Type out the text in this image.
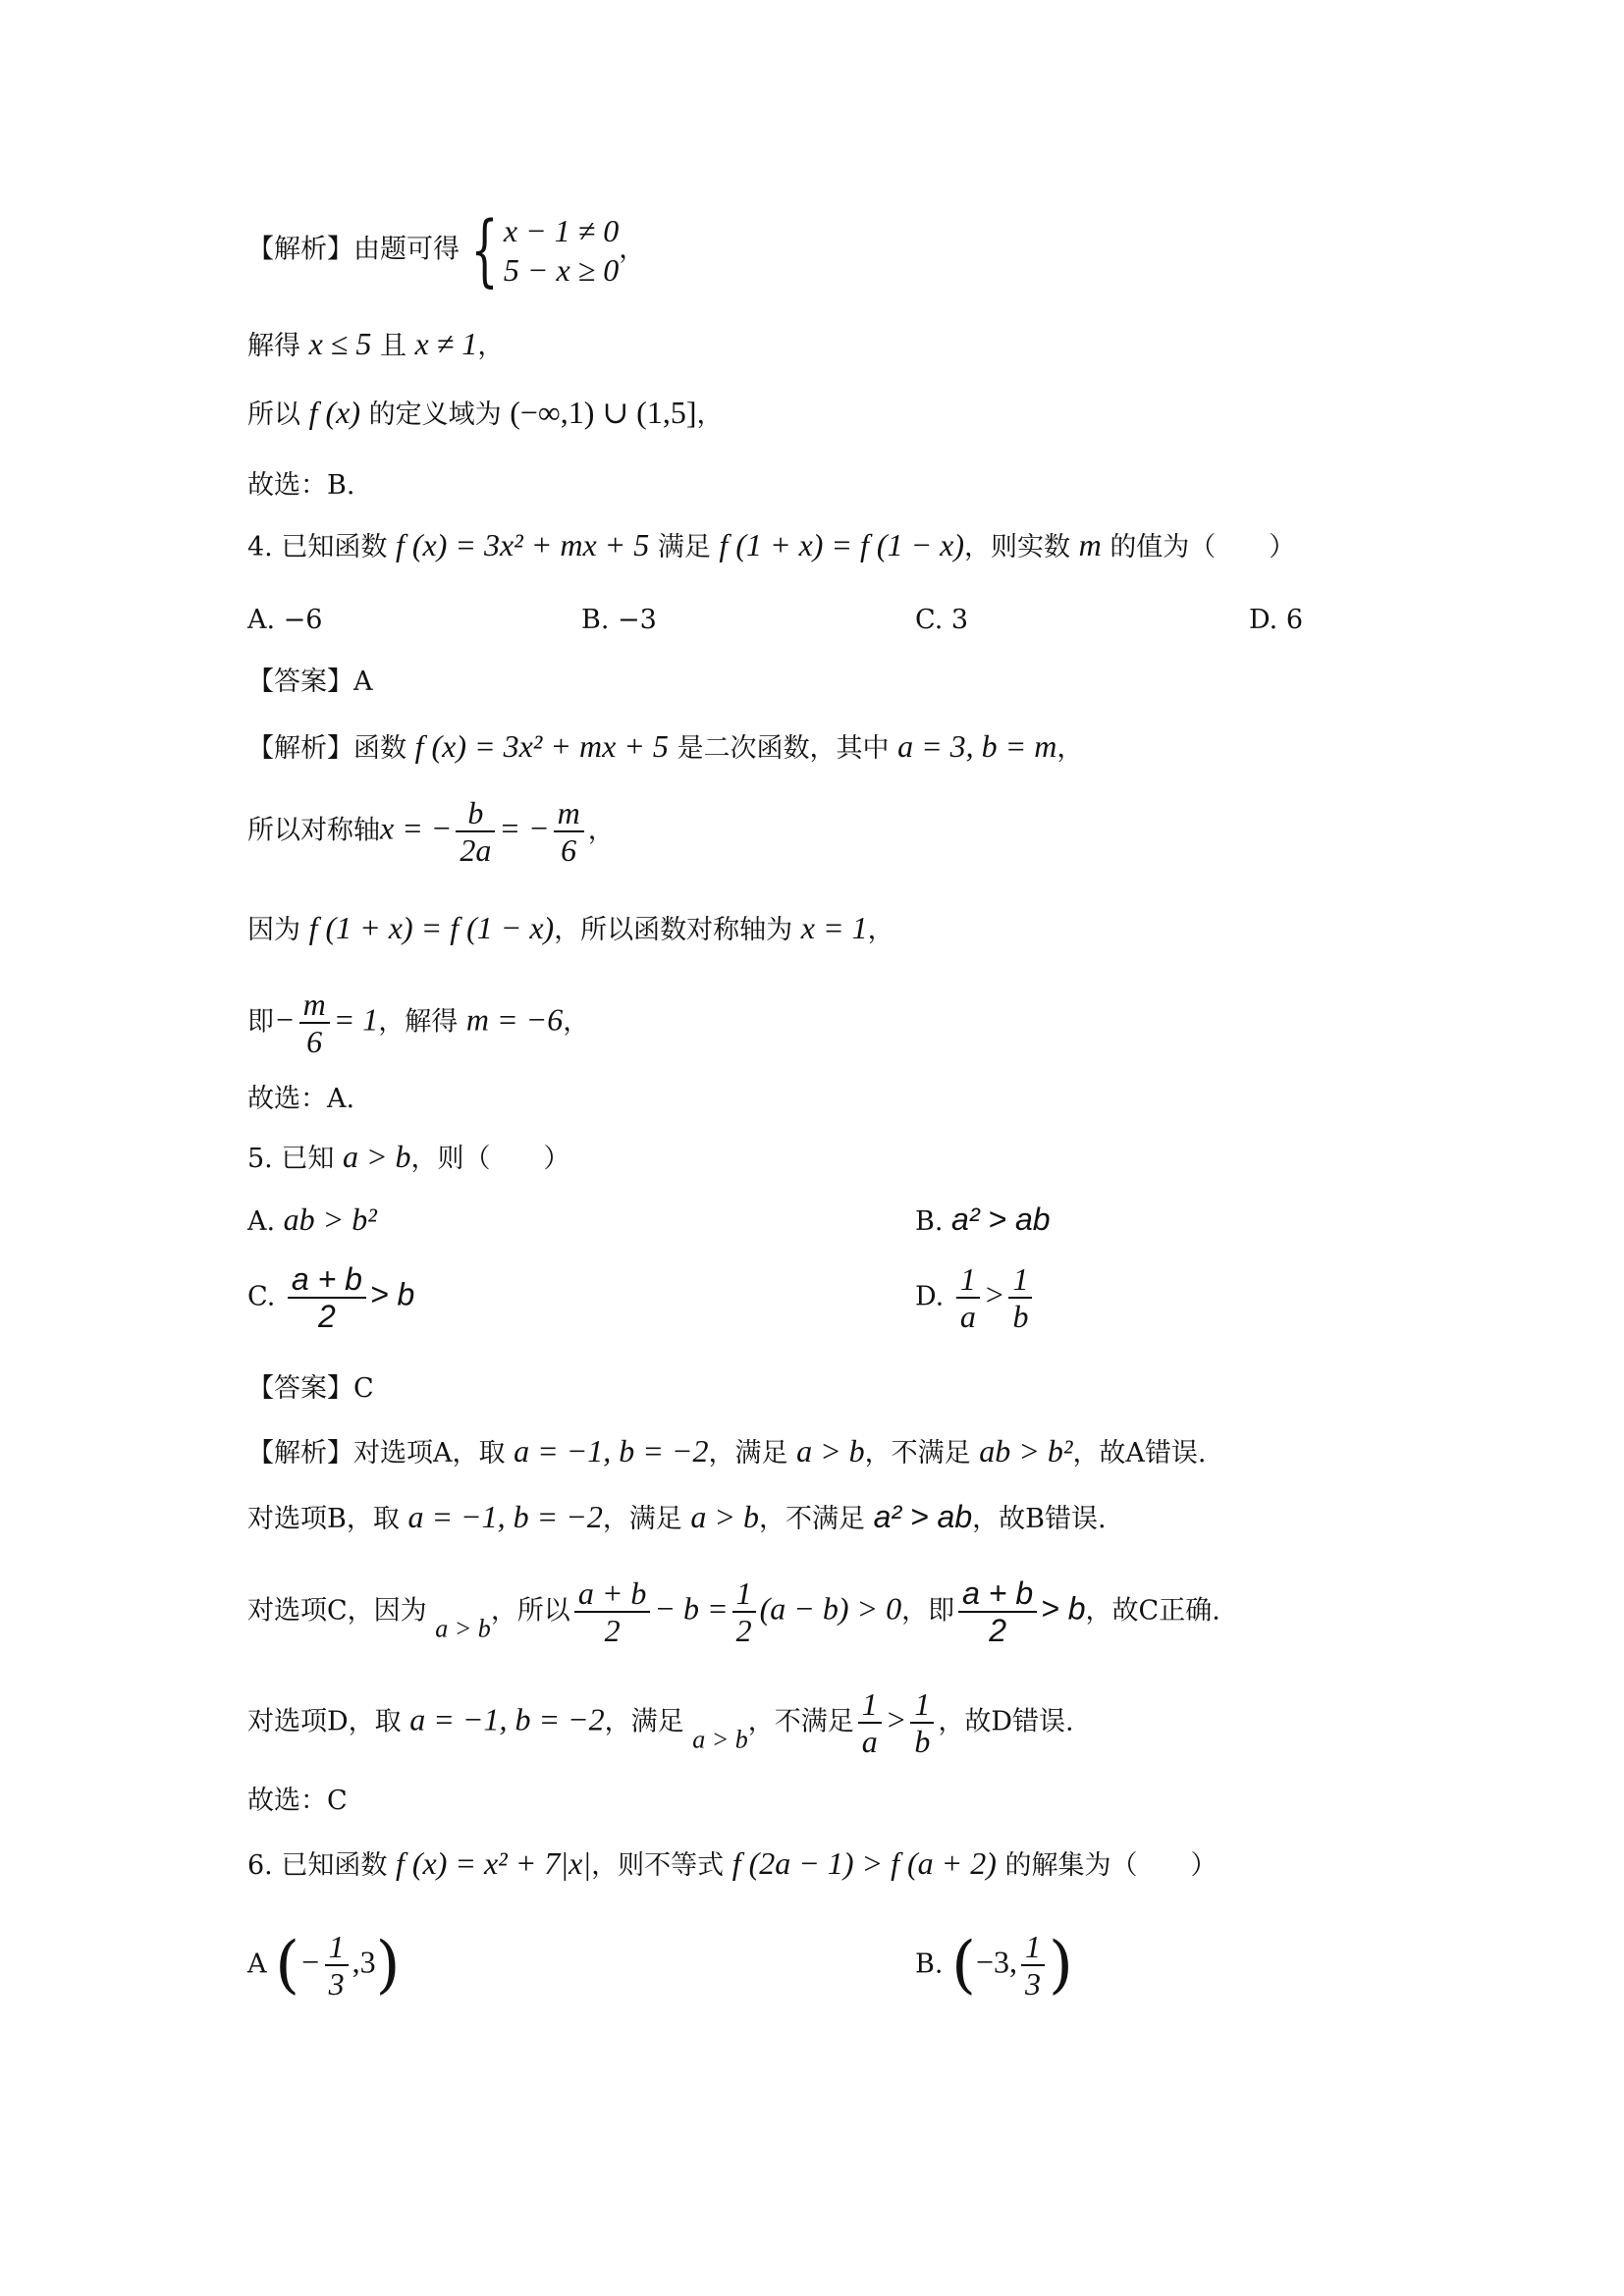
【解析】由题可得 { x − 1 ≠ 0
5 − x ≥ 0
，
解得 x ≤ 5 且 x ≠ 1，
所以 f (x) 的定义域为 (−∞,1) ∪ (1,5]，
故选：B.
4. 已知函数 f (x) = 3x² + mx + 5 满足 f (1 + x) = f (1 − x)，则实数 m 的值为（　　）
A. −6	B. −3	C. 3	D. 6
【答案】A
【解析】函数 f (x) = 3x² + mx + 5 是二次函数，其中 a = 3, b = m，
所以对称轴x = − $\frac{b}{2a}$ = − $\frac{m}{6}$ ，
因为 f (1 + x) = f (1 − x)，所以函数对称轴为 x = 1，
即− $\frac{m}{6} = 1$，解得 m = −6，
故选：A.
5. 已知 a > b，则（　　）
A. ab > b²	B. a² > ab
C. $\frac{a + b}{2} > b$	D. $\frac{1}{a} > \frac{1}{b}$
【答案】C
【解析】对选项A，取 a = −1, b = −2，满足 a > b，不满足 ab > b²，故A错误.
对选项B，取 a = −1, b = −2，满足 a > b，不满足 a² > ab，故B错误.
对选项C，因为 a > b，所以 $\frac{a + b}{2} - b = \frac{1}{2} (a - b) > 0$，即 $\frac{a + b}{2} > b$，故C正确.
对选项D，取 a = −1, b = −2，满足 a > b，不满足 $\frac{1}{a} > \frac{1}{b}$ ，故D错误.
故选：C
6. 已知函数 f (x) = x² + 7|x|，则不等式 f (2a − 1) > f (a + 2) 的解集为（　　）
A (− $\frac{1}{3} ,3$)	B. (−3, $\frac{1}{3}$ )
